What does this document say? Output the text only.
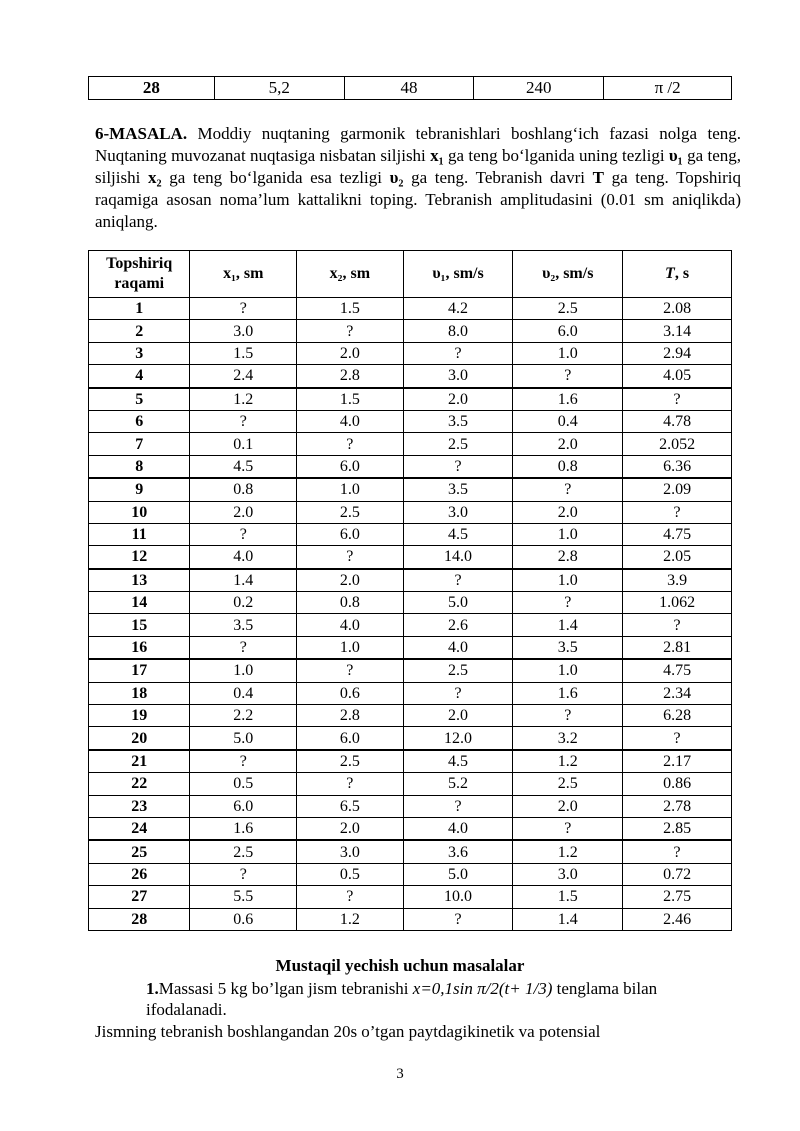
28	5,2	48	240	π /2
6-MASALA. Moddiy nuqtaning garmonik tebranishlari boshlang‘ich fazasi nolga teng. Nuqtaning muvozanat nuqtasiga nisbatan siljishi x₁ ga teng bo‘lganida uning tezligi υ₁ ga teng, siljishi x₂ ga teng bo‘lganida esa tezligi υ₂ ga teng. Tebranish davri T ga teng. Topshiriq raqamiga asosan noma’lum kattalikni toping. Tebranish amplitudasini (0.01 sm aniqlikda) aniqlang.
Topshiriq
raqami	x₁, sm	x₂, sm	υ₁, sm/s	υ₂, sm/s	T, s
1	?	1.5	4.2	2.5	2.08
2	3.0	?	8.0	6.0	3.14
3	1.5	2.0	?	1.0	2.94
4	2.4	2.8	3.0	?	4.05
5	1.2	1.5	2.0	1.6	?
6	?	4.0	3.5	0.4	4.78
7	0.1	?	2.5	2.0	2.052
8	4.5	6.0	?	0.8	6.36
9	0.8	1.0	3.5	?	2.09
10	2.0	2.5	3.0	2.0	?
11	?	6.0	4.5	1.0	4.75
12	4.0	?	14.0	2.8	2.05
13	1.4	2.0	?	1.0	3.9
14	0.2	0.8	5.0	?	1.062
15	3.5	4.0	2.6	1.4	?
16	?	1.0	4.0	3.5	2.81
17	1.0	?	2.5	1.0	4.75
18	0.4	0.6	?	1.6	2.34
19	2.2	2.8	2.0	?	6.28
20	5.0	6.0	12.0	3.2	?
21	?	2.5	4.5	1.2	2.17
22	0.5	?	5.2	2.5	0.86
23	6.0	6.5	?	2.0	2.78
24	1.6	2.0	4.0	?	2.85
25	2.5	3.0	3.6	1.2	?
26	?	0.5	5.0	3.0	0.72
27	5.5	?	10.0	1.5	2.75
28	0.6	1.2	?	1.4	2.46
Mustaqil yechish uchun masalalar
1.Massasi 5 kg bo’lgan jism tebranishi x=0,1sin π/2(t+ 1/3) tenglama bilan
ifodalanadi.
Jismning tebranish boshlangandan 20s o’tgan paytdagikinetik va potensial
3
